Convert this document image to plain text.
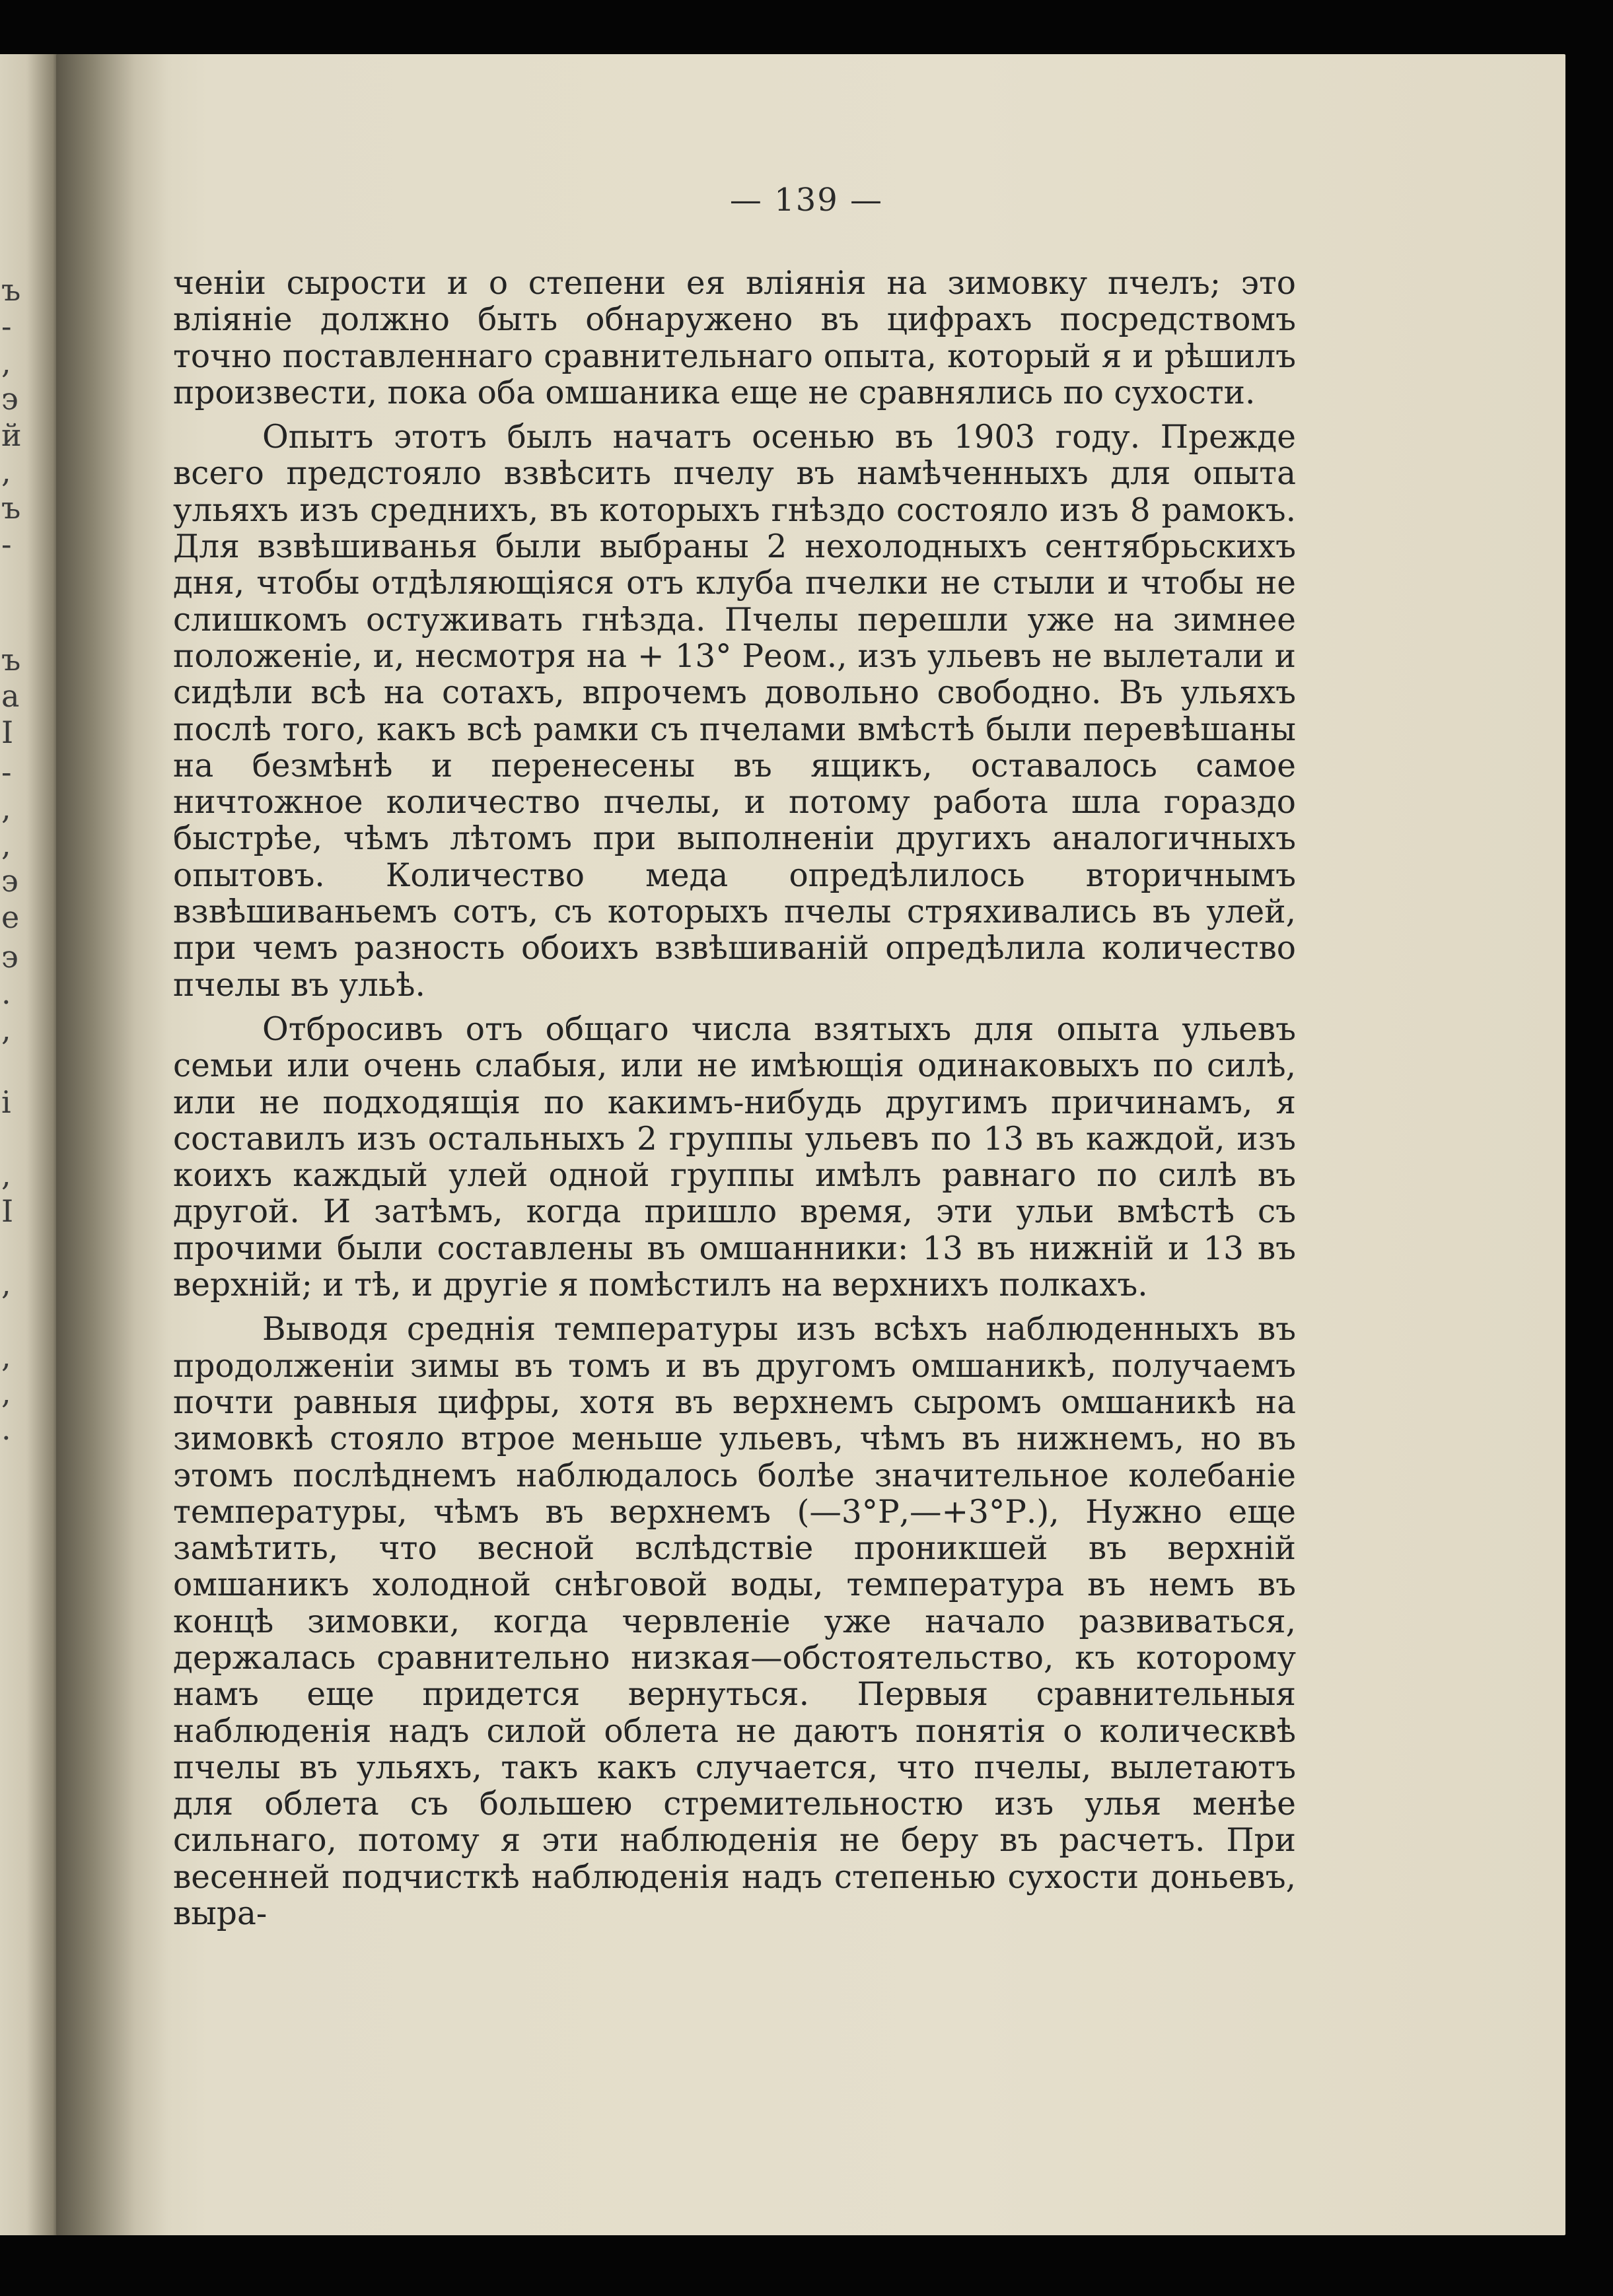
ъ
-
,
э
й
,
ъ
-
ъ
a
I
-
,
,
э
e
э
.
,
i
,
I
,
,
,
.
— 139 —

ченіи сырости и о степени ея вліянія на зимовку пчелъ; это вліяніе должно быть обнаружено въ цифрахъ посредствомъ точно поставленнаго сравнительнаго опыта, который я и рѣшилъ произвести, пока оба омшаника еще не сравнялись по сухости.

Опытъ этотъ былъ начатъ осенью въ 1903 году. Прежде всего предстояло взвѣсить пчелу въ намѣченныхъ для опыта ульяхъ изъ среднихъ, въ которыхъ гнѣздо состояло изъ 8 рамокъ. Для взвѣшиванья были выбраны 2 нехолодныхъ сентябрьскихъ дня, чтобы отдѣляющіяся отъ клуба пчелки не стыли и чтобы не слишкомъ остуживать гнѣзда. Пчелы перешли уже на зимнее положеніе, и, несмотря на + 13° Реом., изъ ульевъ не вылетали и сидѣли всѣ на сотахъ, впрочемъ довольно свободно. Въ ульяхъ послѣ того, какъ всѣ рамки съ пчелами вмѣстѣ были перевѣшаны на безмѣнѣ и перенесены въ ящикъ, оставалось самое ничтожное количество пчелы, и потому работа шла гораздо быстрѣе, чѣмъ лѣтомъ при выполненіи другихъ аналогичныхъ опытовъ. Количество меда опредѣлилось вторичнымъ взвѣшиваньемъ сотъ, съ которыхъ пчелы стряхивались въ улей, при чемъ разность обоихъ взвѣшиваній опредѣлила количество пчелы въ ульѣ.

Отбросивъ отъ общаго числа взятыхъ для опыта ульевъ семьи или очень слабыя, или не имѣющія одинаковыхъ по силѣ, или не подходящія по какимъ-нибудь другимъ причинамъ, я составилъ изъ остальныхъ 2 группы ульевъ по 13 въ каждой, изъ коихъ каждый улей одной группы имѣлъ равнаго по силѣ въ другой. И затѣмъ, когда пришло время, эти ульи вмѣстѣ съ прочими были составлены въ омшанники: 13 въ нижній и 13 въ верхній; и тѣ, и другіе я помѣстилъ на верхнихъ полкахъ.

Выводя среднія температуры изъ всѣхъ наблюденныхъ въ продолженіи зимы въ томъ и въ другомъ омшаникѣ, получаемъ почти равныя цифры, хотя въ верхнемъ сыромъ омшаникѣ на зимовкѣ стояло втрое меньше ульевъ, чѣмъ въ нижнемъ, но въ этомъ послѣднемъ наблюдалось болѣе значительное колебаніе температуры, чѣмъ въ верхнемъ (—3°Р,—+3°Р.), Нужно еще замѣтить, что весной вслѣдствіе проникшей въ верхній омшаникъ холодной снѣговой воды, температура въ немъ въ концѣ зимовки, когда червленіе уже начало развиваться, держалась сравнительно низкая—обстоятельство, къ которому намъ еще придется вернуться. Первыя сравнительныя наблюденія надъ силой облета не даютъ понятія о колическвѣ пчелы въ ульяхъ, такъ какъ случается, что пчелы, вылетаютъ для облета съ большею стремительностю изъ улья менѣе сильнаго, потому я эти наблюденія не беру въ расчетъ. При весенней подчисткѣ наблюденія надъ степенью сухости доньевъ, выра-
